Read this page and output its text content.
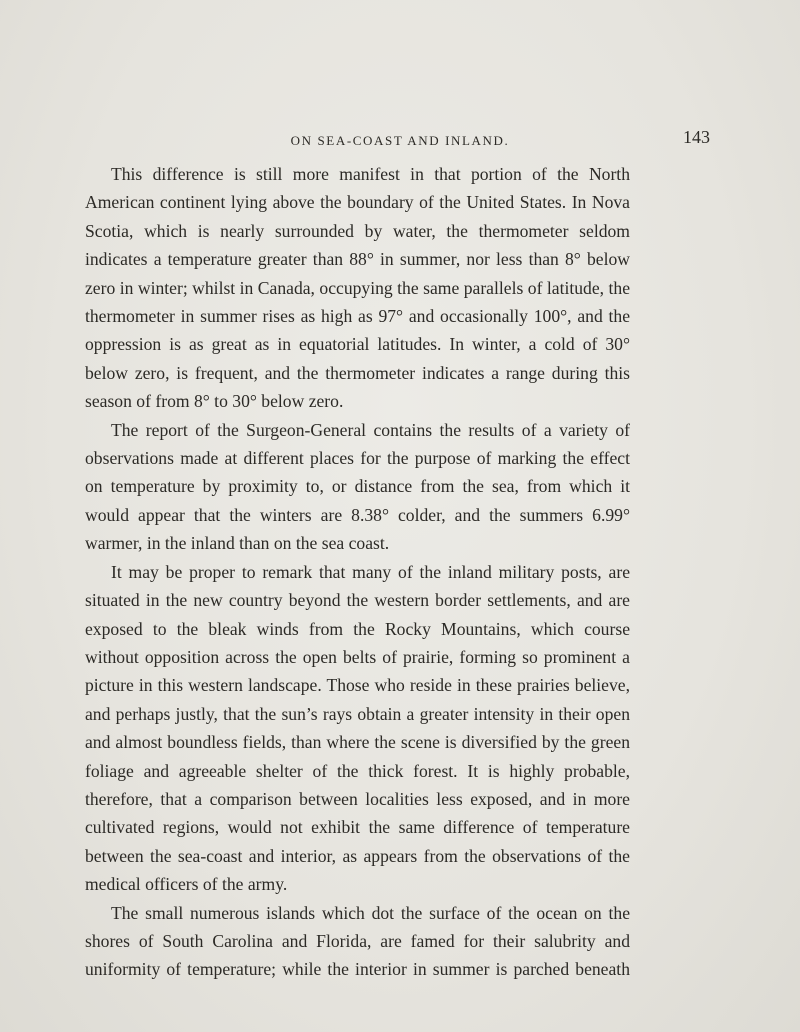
ON SEA-COAST AND INLAND.	143

This difference is still more manifest in that portion of the North American continent lying above the boundary of the United States. In Nova Scotia, which is nearly surrounded by water, the thermometer seldom indicates a temperature greater than 88° in summer, nor less than 8° below zero in winter; whilst in Canada, occupying the same parallels of latitude, the thermometer in summer rises as high as 97° and occasionally 100°, and the oppression is as great as in equatorial latitudes. In winter, a cold of 30° below zero, is frequent, and the thermometer indicates a range during this season of from 8° to 30° below zero.

The report of the Surgeon-General contains the results of a variety of observations made at different places for the purpose of marking the effect on temperature by proximity to, or distance from the sea, from which it would appear that the winters are 8.38° colder, and the summers 6.99° warmer, in the inland than on the sea coast.

It may be proper to remark that many of the inland military posts, are situated in the new country beyond the western border settlements, and are exposed to the bleak winds from the Rocky Mountains, which course without opposition across the open belts of prairie, forming so prominent a picture in this western landscape. Those who reside in these prairies believe, and perhaps justly, that the sun’s rays obtain a greater intensity in their open and almost boundless fields, than where the scene is diversified by the green foliage and agreeable shelter of the thick forest. It is highly probable, therefore, that a comparison between localities less exposed, and in more cultivated regions, would not exhibit the same difference of temperature between the sea-coast and interior, as appears from the observations of the medical officers of the army.

The small numerous islands which dot the surface of the ocean on the shores of South Carolina and Florida, are famed for their salubrity and uniformity of temperature; while the interior in summer is parched beneath
